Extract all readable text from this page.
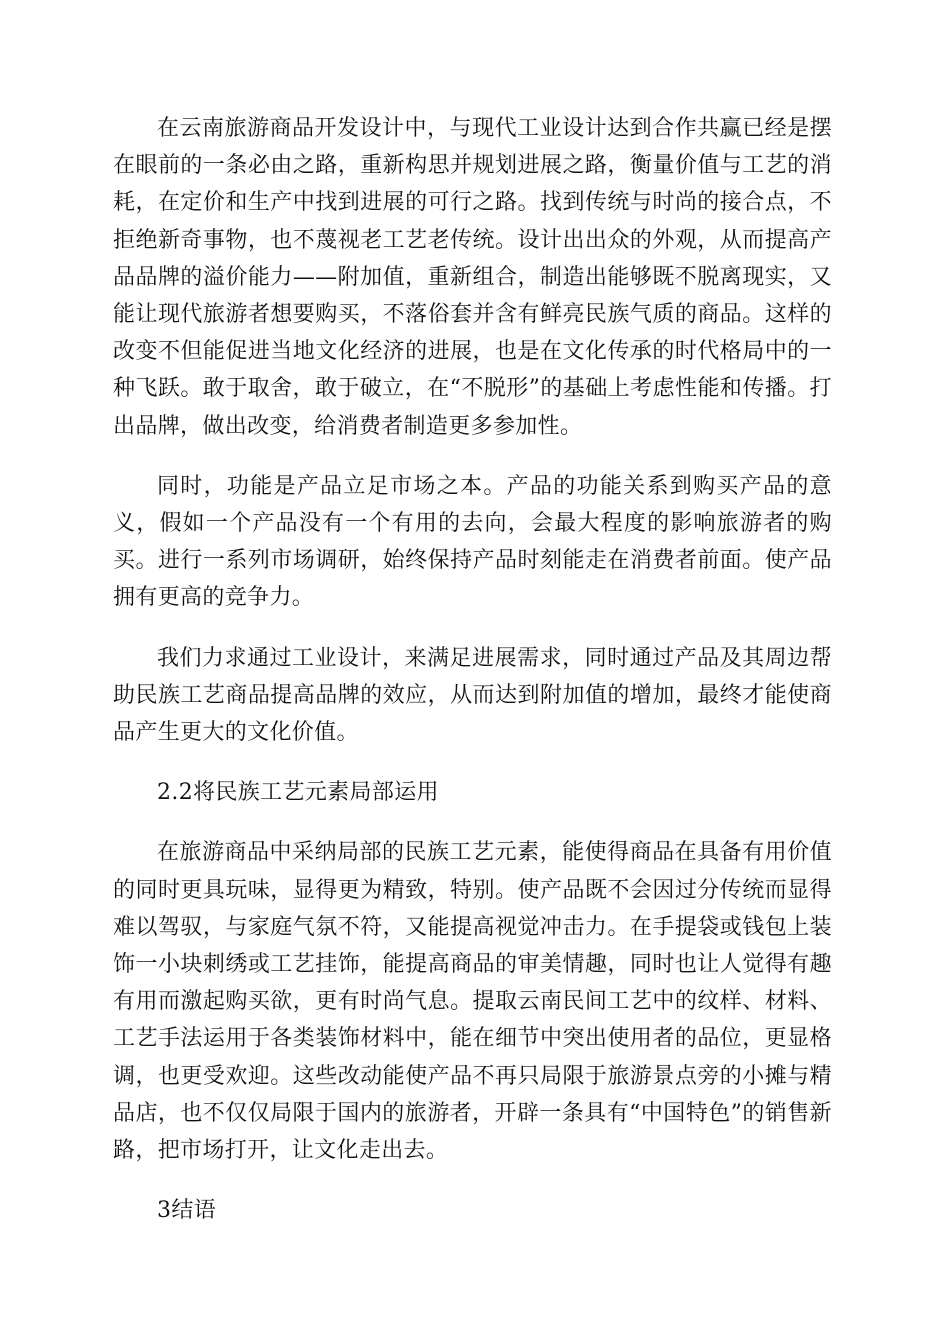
在云南旅游商品开发设计中，与现代工业设计达到合作共赢已经是摆在眼前的一条必由之路，重新构思并规划进展之路，衡量价值与工艺的消耗，在定价和生产中找到进展的可行之路。找到传统与时尚的接合点，不拒绝新奇事物，也不蔑视老工艺老传统。设计出出众的外观，从而提高产品品牌的溢价能力——附加值，重新组合，制造出能够既不脱离现实，又能让现代旅游者想要购买，不落俗套并含有鲜亮民族气质的商品。这样的改变不但能促进当地文化经济的进展，也是在文化传承的时代格局中的一种飞跃。敢于取舍，敢于破立，在“不脱形”的基础上考虑性能和传播。打出品牌，做出改变，给消费者制造更多参加性。

同时，功能是产品立足市场之本。产品的功能关系到购买产品的意义，假如一个产品没有一个有用的去向，会最大程度的影响旅游者的购买。进行一系列市场调研，始终保持产品时刻能走在消费者前面。使产品拥有更高的竞争力。

我们力求通过工业设计，来满足进展需求，同时通过产品及其周边帮助民族工艺商品提高品牌的效应，从而达到附加值的增加，最终才能使商品产生更大的文化价值。

2.2将民族工艺元素局部运用

在旅游商品中采纳局部的民族工艺元素，能使得商品在具备有用价值的同时更具玩味，显得更为精致，特别。使产品既不会因过分传统而显得难以驾驭，与家庭气氛不符，又能提高视觉冲击力。在手提袋或钱包上装饰一小块刺绣或工艺挂饰，能提高商品的审美情趣，同时也让人觉得有趣有用而激起购买欲，更有时尚气息。提取云南民间工艺中的纹样、材料、工艺手法运用于各类装饰材料中，能在细节中突出使用者的品位，更显格调，也更受欢迎。这些改动能使产品不再只局限于旅游景点旁的小摊与精品店，也不仅仅局限于国内的旅游者，开辟一条具有“中国特色”的销售新路，把市场打开，让文化走出去。

3结语
